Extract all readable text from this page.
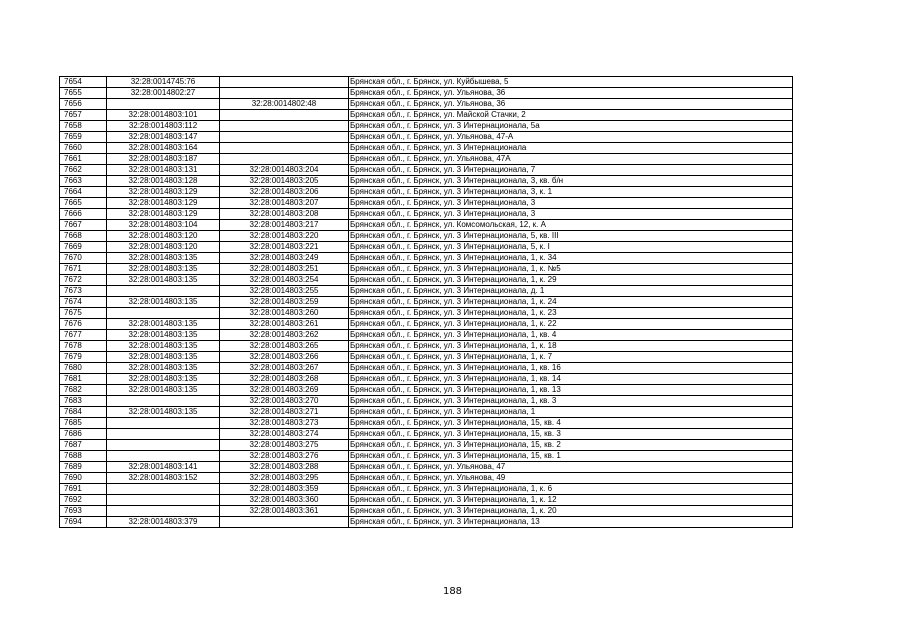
7654	32:28:0014745:76		Брянская обл., г. Брянск, ул. Куйбышева, 5
7655	32:28:0014802:27		Брянская обл., г. Брянск, ул. Ульянова, 36
7656		32:28:0014802:48	Брянская обл., г. Брянск, ул. Ульянова, 36
7657	32:28:0014803:101		Брянская обл., г. Брянск, ул. Майской Стачки, 2
7658	32:28:0014803:112		Брянская обл., г. Брянск, ул. 3 Интернационала, 5а
7659	32:28:0014803:147		Брянская обл., г. Брянск, ул. Ульянова, 47-А
7660	32:28:0014803:164		Брянская обл., г. Брянск, ул. 3 Интернационала
7661	32:28:0014803:187		Брянская обл., г. Брянск, ул. Ульянова, 47А
7662	32:28:0014803:131	32:28:0014803:204	Брянская обл., г. Брянск, ул. 3 Интернационала, 7
7663	32:28:0014803:128	32:28:0014803:205	Брянская обл., г. Брянск, ул. 3 Интернационала, 3, кв. б/н
7664	32:28:0014803:129	32:28:0014803:206	Брянская обл., г. Брянск, ул. 3 Интернационала, 3, к. 1
7665	32:28:0014803:129	32:28:0014803:207	Брянская обл., г. Брянск, ул. 3 Интернационала, 3
7666	32:28:0014803:129	32:28:0014803:208	Брянская обл., г. Брянск, ул. 3 Интернационала, 3
7667	32:28:0014803:104	32:28:0014803:217	Брянская обл., г. Брянск, ул. Комсомольская, 12, к. А
7668	32:28:0014803:120	32:28:0014803:220	Брянская обл., г. Брянск, ул. 3 Интернационала, 5, кв. III
7669	32:28:0014803:120	32:28:0014803:221	Брянская обл., г. Брянск, ул. 3 Интернационала, 5, к. I
7670	32:28:0014803:135	32:28:0014803:249	Брянская обл., г. Брянск, ул. 3 Интернационала, 1, к. 34
7671	32:28:0014803:135	32:28:0014803:251	Брянская обл., г. Брянск, ул. 3 Интернационала, 1, к. №5
7672	32:28:0014803:135	32:28:0014803:254	Брянская обл., г. Брянск, ул. 3 Интернационала, 1, к. 29
7673		32:28:0014803:255	Брянская обл., г. Брянск, ул. 3 Интернационала, д. 1
7674	32:28:0014803:135	32:28:0014803:259	Брянская обл., г. Брянск, ул. 3 Интернационала, 1, к. 24
7675		32:28:0014803:260	Брянская обл., г. Брянск, ул. 3 Интернационала, 1, к. 23
7676	32:28:0014803:135	32:28:0014803:261	Брянская обл., г. Брянск, ул. 3 Интернационала, 1, к. 22
7677	32:28:0014803:135	32:28:0014803:262	Брянская обл., г. Брянск, ул. 3 Интернационала, 1, кв. 4
7678	32:28:0014803:135	32:28:0014803:265	Брянская обл., г. Брянск, ул. 3 Интернационала, 1, к. 18
7679	32:28:0014803:135	32:28:0014803:266	Брянская обл., г. Брянск, ул. 3 Интернационала, 1, к. 7
7680	32:28:0014803:135	32:28:0014803:267	Брянская обл., г. Брянск, ул. 3 Интернационала, 1, кв. 16
7681	32:28:0014803:135	32:28:0014803:268	Брянская обл., г. Брянск, ул. 3 Интернационала, 1, кв. 14
7682	32:28:0014803:135	32:28:0014803:269	Брянская обл., г. Брянск, ул. 3 Интернационала, 1, кв. 13
7683		32:28:0014803:270	Брянская обл., г. Брянск, ул. 3 Интернационала, 1, кв. 3
7684	32:28:0014803:135	32:28:0014803:271	Брянская обл., г. Брянск, ул. 3 Интернационала, 1
7685		32:28:0014803:273	Брянская обл., г. Брянск, ул. 3 Интернационала, 15, кв. 4
7686		32:28:0014803:274	Брянская обл., г. Брянск, ул. 3 Интернационала, 15, кв. 3
7687		32:28:0014803:275	Брянская обл., г. Брянск, ул. 3 Интернационала, 15, кв. 2
7688		32:28:0014803:276	Брянская обл., г. Брянск, ул. 3 Интернационала, 15, кв. 1
7689	32:28:0014803:141	32:28:0014803:288	Брянская обл., г. Брянск, ул. Ульянова, 47
7690	32:28:0014803:152	32:28:0014803:295	Брянская обл., г. Брянск, ул. Ульянова, 49
7691		32:28:0014803:359	Брянская обл., г. Брянск, ул. 3 Интернационала, 1, к. 6
7692		32:28:0014803:360	Брянская обл., г. Брянск, ул. 3 Интернационала, 1, к. 12
7693		32:28:0014803:361	Брянская обл., г. Брянск, ул. 3 Интернационала, 1, к. 20
7694	32:28:0014803:379		Брянская обл., г. Брянск, ул. 3 Интернационала, 13
188
